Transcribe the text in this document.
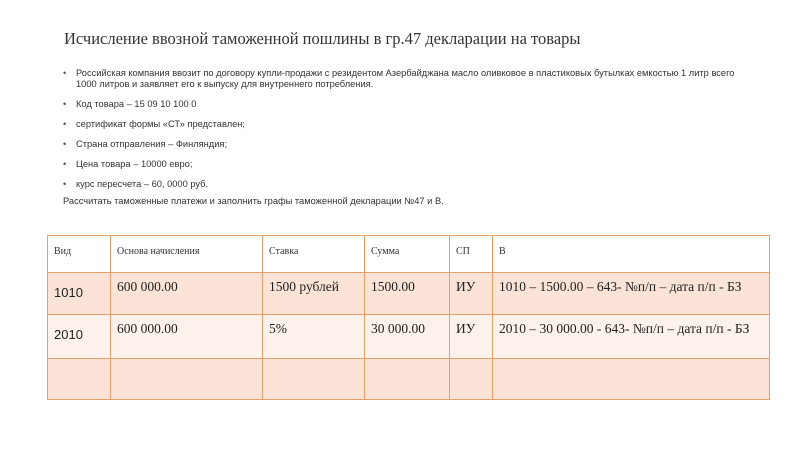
Исчисление ввозной таможенной пошлины в гр.47 декларации на товары
• Российская компания ввозит по договору купли-продажи с резидентом Азербайджана масло оливковое в пластиковых бутылках емкостью 1 литр всего 1000 литров и заявляет его к выпуску для внутреннего потребления.
• Код товара – 15 09 10 100 0
• сертификат формы «СТ» представлен;
• Страна отправления – Финляндия;
• Цена товара – 10000 евро;
• курс пересчета – 60, 0000 руб.
Рассчитать таможенные платежи и заполнить графы таможенной декларации №47 и В.
Вид	Основа начисления	Ставка	Сумма	СП	В

1010	600 000.00	1500 рублей	1500.00	ИУ	1010 – 1500.00 – 643- №п/п – дата п/п - БЗ

2010	600 000.00	5%	30 000.00	ИУ	2010 – 30 000.00 - 643- №п/п – дата п/п - БЗ
